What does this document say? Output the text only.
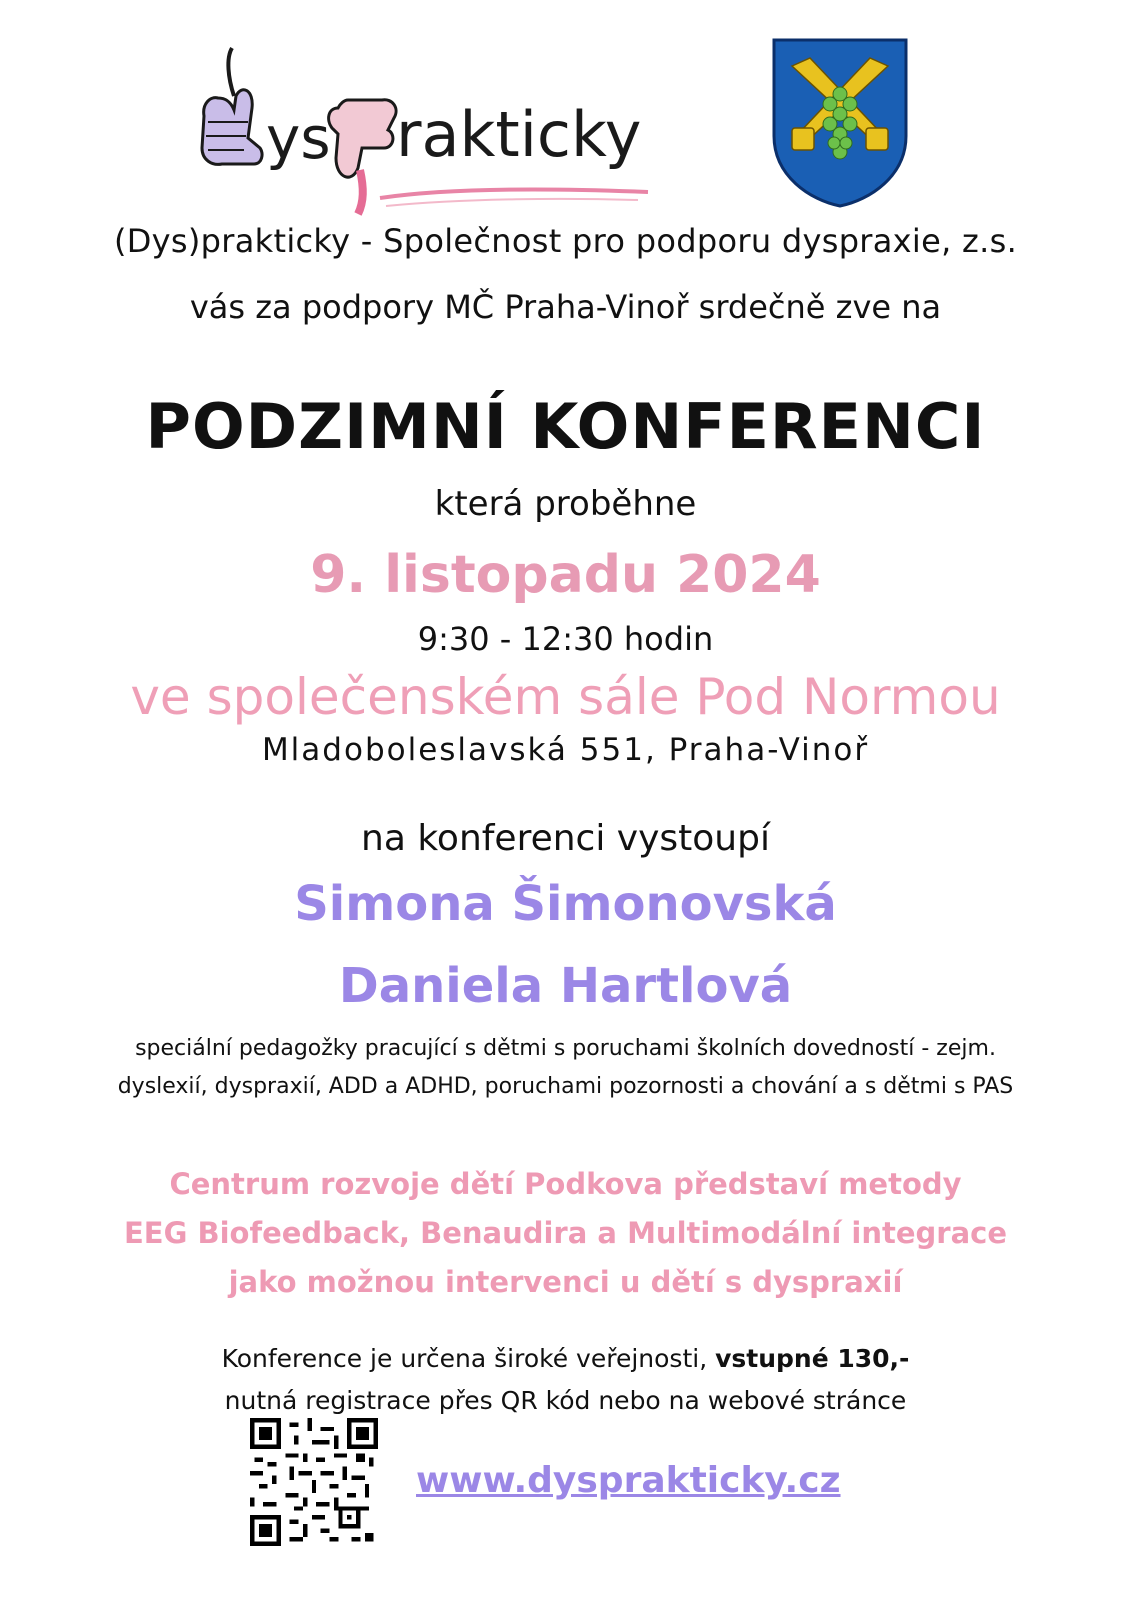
ys rakticky
(Dys)prakticky - Společnost pro podporu dyspraxie, z.s.
vás za podpory MČ Praha-Vinoř srdečně zve na
PODZIMNÍ KONFERENCI
která proběhne
9. listopadu 2024
9:30 - 12:30 hodin
ve společenském sále Pod Normou
Mladoboleslavská 551, Praha-Vinoř
na konferenci vystoupí
Simona Šimonovská
Daniela Hartlová
speciální pedagožky pracující s dětmi s poruchami školních dovedností - zejm.
dyslexií, dyspraxií, ADD a ADHD, poruchami pozornosti a chování a s dětmi s PAS
Centrum rozvoje dětí Podkova představí metody
EEG Biofeedback, Benaudira a Multimodální integrace
jako možnou intervenci u dětí s dyspraxií
Konference je určena široké veřejnosti, vstupné 130,-
nutná registrace přes QR kód nebo na webové stránce
www.dysprakticky.cz
